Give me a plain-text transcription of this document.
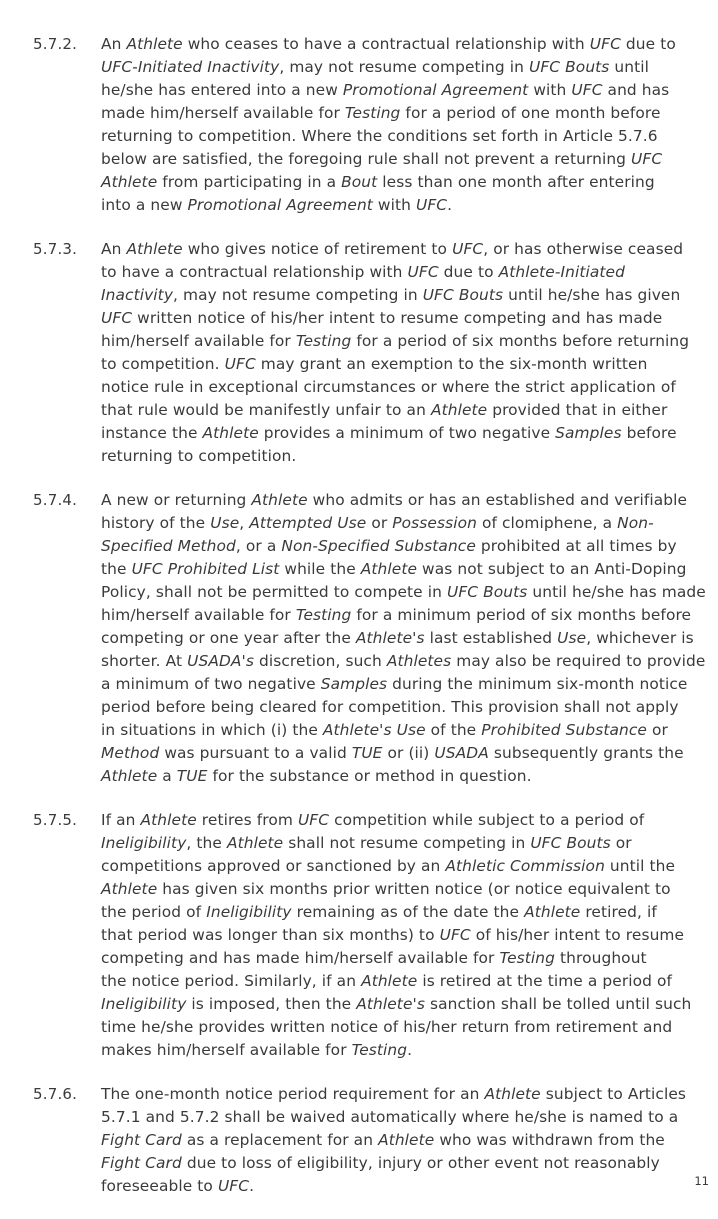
5.7.2. An Athlete who ceases to have a contractual relationship with UFC due to
UFC-Initiated Inactivity, may not resume competing in UFC Bouts until
he/she has entered into a new Promotional Agreement with UFC and has
made him/herself available for Testing for a period of one month before
returning to competition. Where the conditions set forth in Article 5.7.6
below are satisfied, the foregoing rule shall not prevent a returning UFC
Athlete from participating in a Bout less than one month after entering
into a new Promotional Agreement with UFC.
5.7.3. An Athlete who gives notice of retirement to UFC, or has otherwise ceased
to have a contractual relationship with UFC due to Athlete-Initiated
Inactivity, may not resume competing in UFC Bouts until he/she has given
UFC written notice of his/her intent to resume competing and has made
him/herself available for Testing for a period of six months before returning
to competition. UFC may grant an exemption to the six-month written
notice rule in exceptional circumstances or where the strict application of
that rule would be manifestly unfair to an Athlete provided that in either
instance the Athlete provides a minimum of two negative Samples before
returning to competition.
5.7.4. A new or returning Athlete who admits or has an established and verifiable
history of the Use, Attempted Use or Possession of clomiphene, a Non-
Specified Method, or a Non-Specified Substance prohibited at all times by
the UFC Prohibited List while the Athlete was not subject to an Anti-Doping
Policy, shall not be permitted to compete in UFC Bouts until he/she has made
him/herself available for Testing for a minimum period of six months before
competing or one year after the Athlete's last established Use, whichever is
shorter. At USADA's discretion, such Athletes may also be required to provide
a minimum of two negative Samples during the minimum six-month notice
period before being cleared for competition. This provision shall not apply
in situations in which (i) the Athlete's Use of the Prohibited Substance or
Method was pursuant to a valid TUE or (ii) USADA subsequently grants the
Athlete a TUE for the substance or method in question.
5.7.5. If an Athlete retires from UFC competition while subject to a period of
Ineligibility, the Athlete shall not resume competing in UFC Bouts or
competitions approved or sanctioned by an Athletic Commission until the
Athlete has given six months prior written notice (or notice equivalent to
the period of Ineligibility remaining as of the date the Athlete retired, if
that period was longer than six months) to UFC of his/her intent to resume
competing and has made him/herself available for Testing throughout
the notice period. Similarly, if an Athlete is retired at the time a period of
Ineligibility is imposed, then the Athlete's sanction shall be tolled until such
time he/she provides written notice of his/her return from retirement and
makes him/herself available for Testing.
5.7.6. The one-month notice period requirement for an Athlete subject to Articles
5.7.1 and 5.7.2 shall be waived automatically where he/she is named to a
Fight Card as a replacement for an Athlete who was withdrawn from the
Fight Card due to loss of eligibility, injury or other event not reasonably
foreseeable to UFC.	11
